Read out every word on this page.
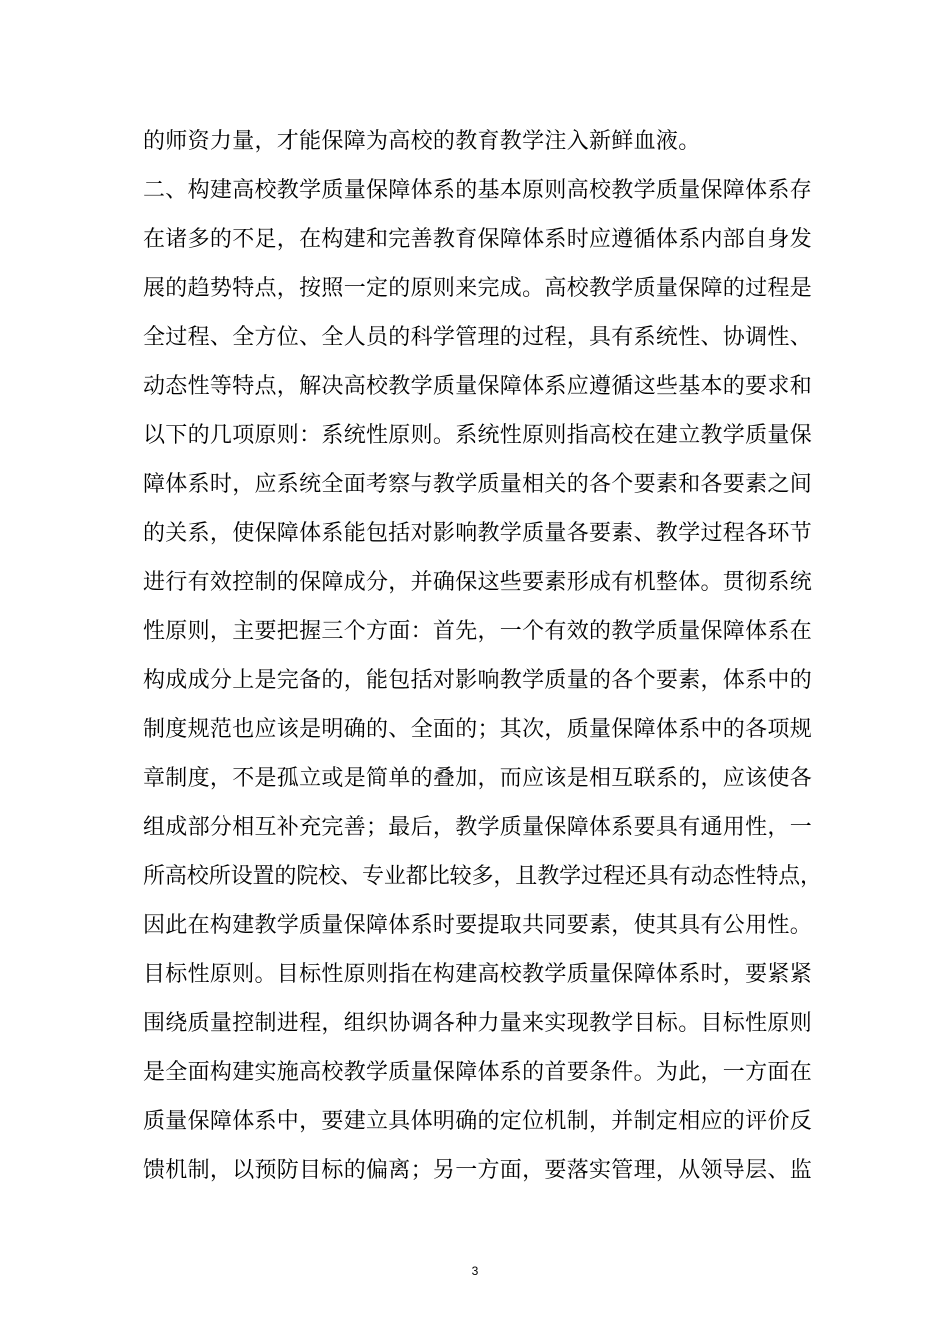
的师资力量，才能保障为高校的教育教学注入新鲜血液。
二、构建高校教学质量保障体系的基本原则高校教学质量保障体系存
在诸多的不足，在构建和完善教育保障体系时应遵循体系内部自身发
展的趋势特点，按照一定的原则来完成。高校教学质量保障的过程是
全过程、全方位、全人员的科学管理的过程，具有系统性、协调性、
动态性等特点，解决高校教学质量保障体系应遵循这些基本的要求和
以下的几项原则：系统性原则。系统性原则指高校在建立教学质量保
障体系时，应系统全面考察与教学质量相关的各个要素和各要素之间
的关系，使保障体系能包括对影响教学质量各要素、教学过程各环节
进行有效控制的保障成分，并确保这些要素形成有机整体。贯彻系统
性原则，主要把握三个方面：首先，一个有效的教学质量保障体系在
构成成分上是完备的，能包括对影响教学质量的各个要素，体系中的
制度规范也应该是明确的、全面的；其次，质量保障体系中的各项规
章制度，不是孤立或是简单的叠加，而应该是相互联系的，应该使各
组成部分相互补充完善；最后，教学质量保障体系要具有通用性，一
所高校所设置的院校、专业都比较多，且教学过程还具有动态性特点，
因此在构建教学质量保障体系时要提取共同要素，使其具有公用性。
目标性原则。目标性原则指在构建高校教学质量保障体系时，要紧紧
围绕质量控制进程，组织协调各种力量来实现教学目标。目标性原则
是全面构建实施高校教学质量保障体系的首要条件。为此，一方面在
质量保障体系中，要建立具体明确的定位机制，并制定相应的评价反
馈机制，以预防目标的偏离；另一方面，要落实管理，从领导层、监
3
